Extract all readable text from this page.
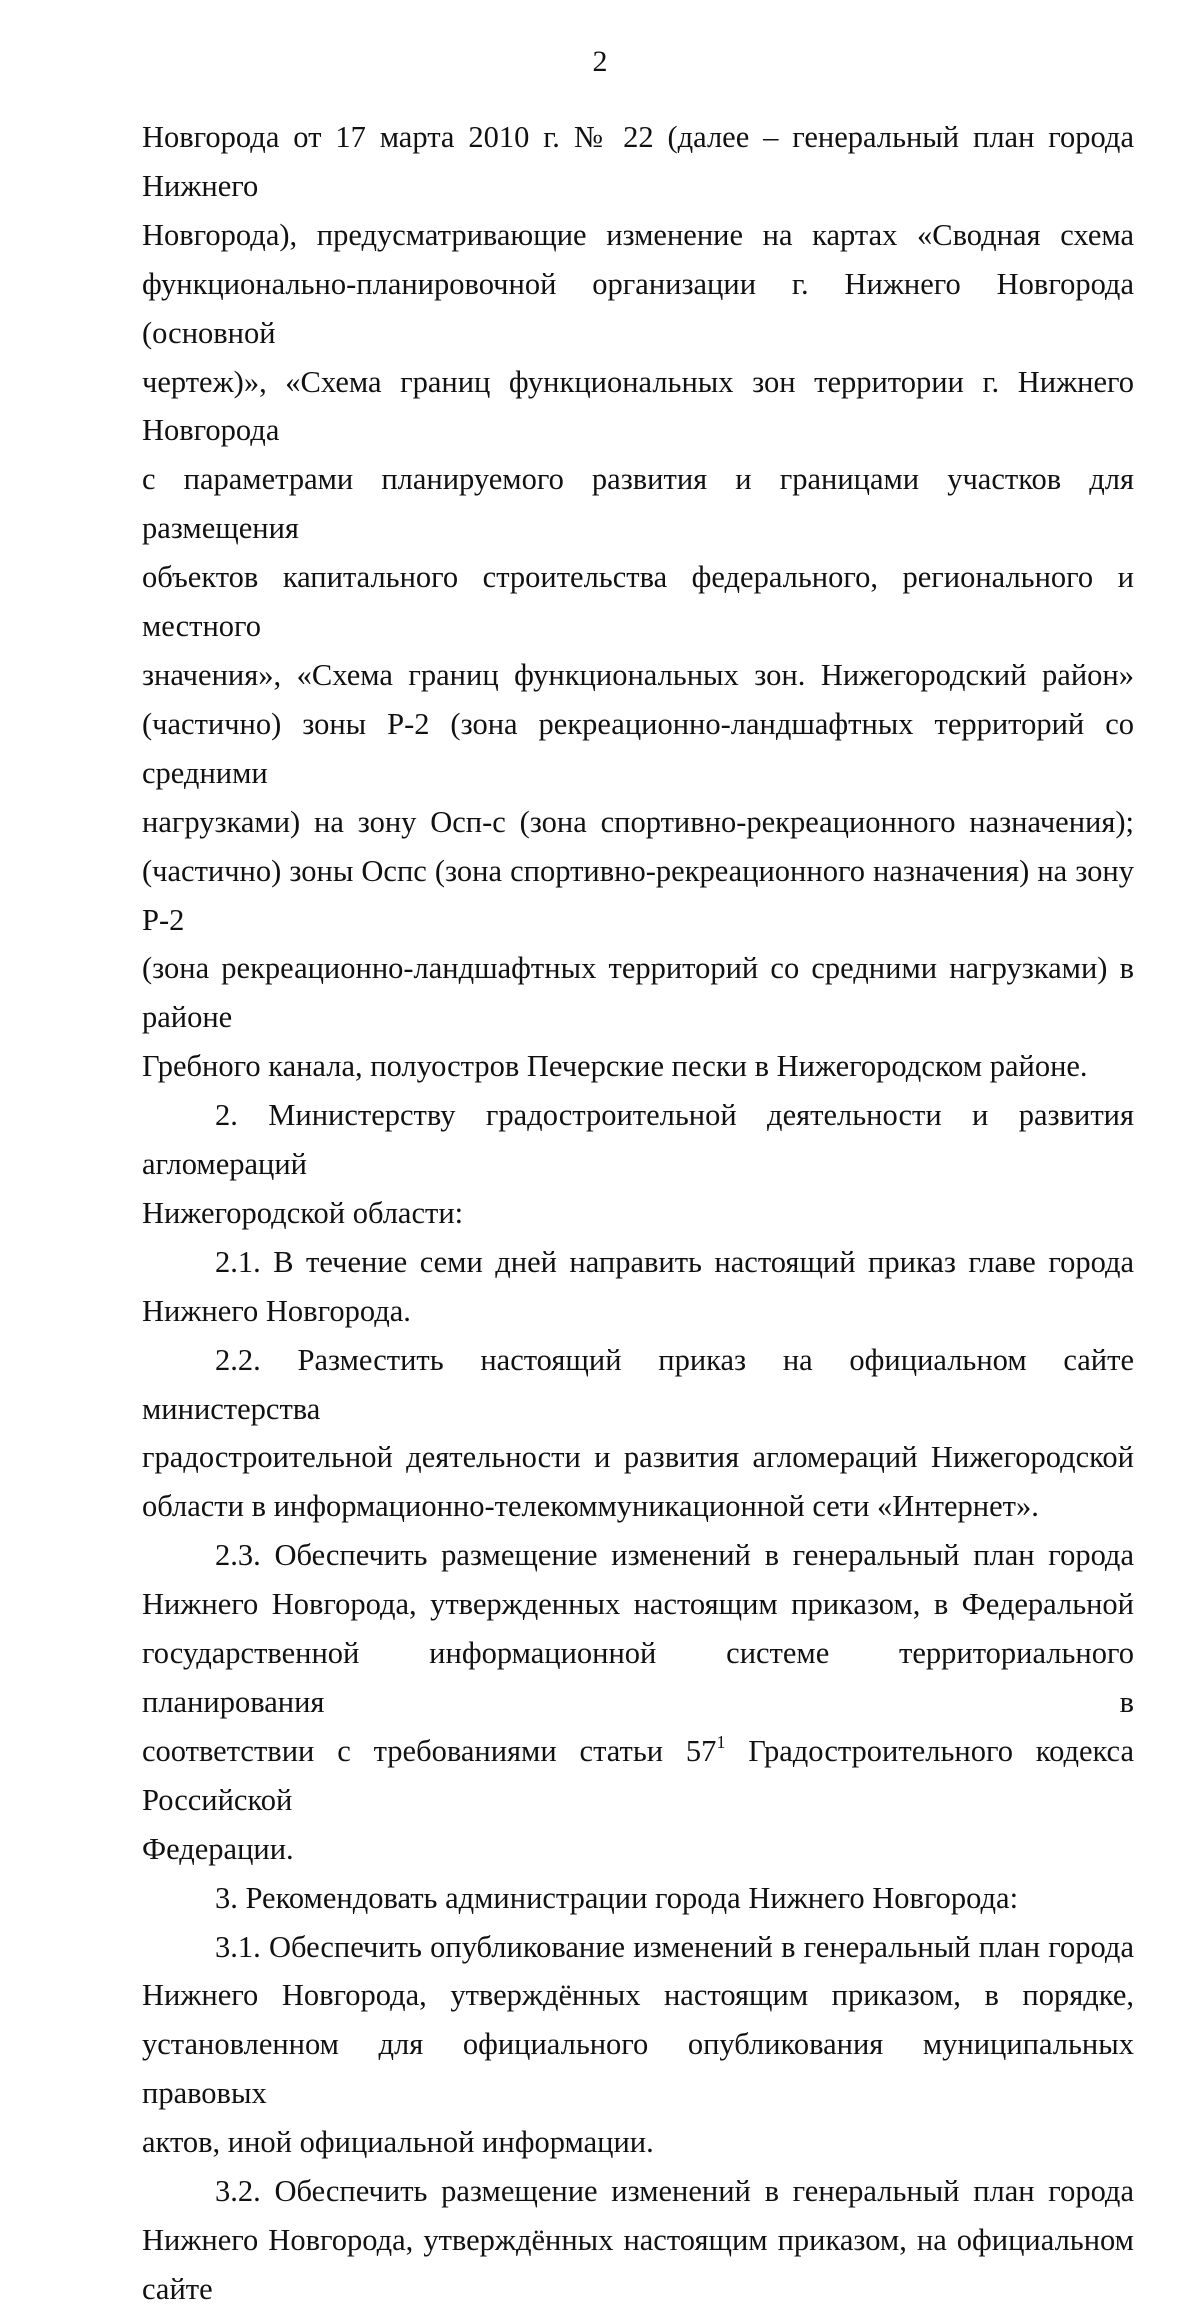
2

Новгорода от 17 марта 2010 г. № 22 (далее – генеральный план города Нижнего
Новгорода), предусматривающие изменение на картах «Сводная схема
функционально-планировочной организации г. Нижнего Новгорода (основной
чертеж)», «Схема границ функциональных зон территории г. Нижнего Новгорода
с параметрами планируемого развития и границами участков для размещения
объектов капитального строительства федерального, регионального и местного
значения», «Схема границ функциональных зон. Нижегородский район»
(частично) зоны Р-2 (зона рекреационно-ландшафтных территорий со средними
нагрузками) на зону Осп-с (зона спортивно-рекреационного назначения);
(частично) зоны Оспс (зона спортивно-рекреационного назначения) на зону Р-2
(зона рекреационно-ландшафтных территорий со средними нагрузками) в районе
Гребного канала, полуостров Печерские пески в Нижегородском районе.

2. Министерству градостроительной деятельности и развития агломераций
Нижегородской области:

2.1. В течение семи дней направить настоящий приказ главе города
Нижнего Новгорода.

2.2. Разместить настоящий приказ на официальном сайте министерства
градостроительной деятельности и развития агломераций Нижегородской
области в информационно-телекоммуникационной сети «Интернет».

2.3. Обеспечить размещение изменений в генеральный план города
Нижнего Новгорода, утвержденных настоящим приказом, в Федеральной
государственной информационной системе территориального планирования в
соответствии с требованиями статьи $57^1$ Градостроительного кодекса Российской
Федерации.

3. Рекомендовать администрации города Нижнего Новгорода:

3.1. Обеспечить опубликование изменений в генеральный план города
Нижнего Новгорода, утверждённых настоящим приказом, в порядке,
установленном для официального опубликования муниципальных правовых
актов, иной официальной информации.

3.2. Обеспечить размещение изменений в генеральный план города
Нижнего Новгорода, утверждённых настоящим приказом, на официальном сайте
